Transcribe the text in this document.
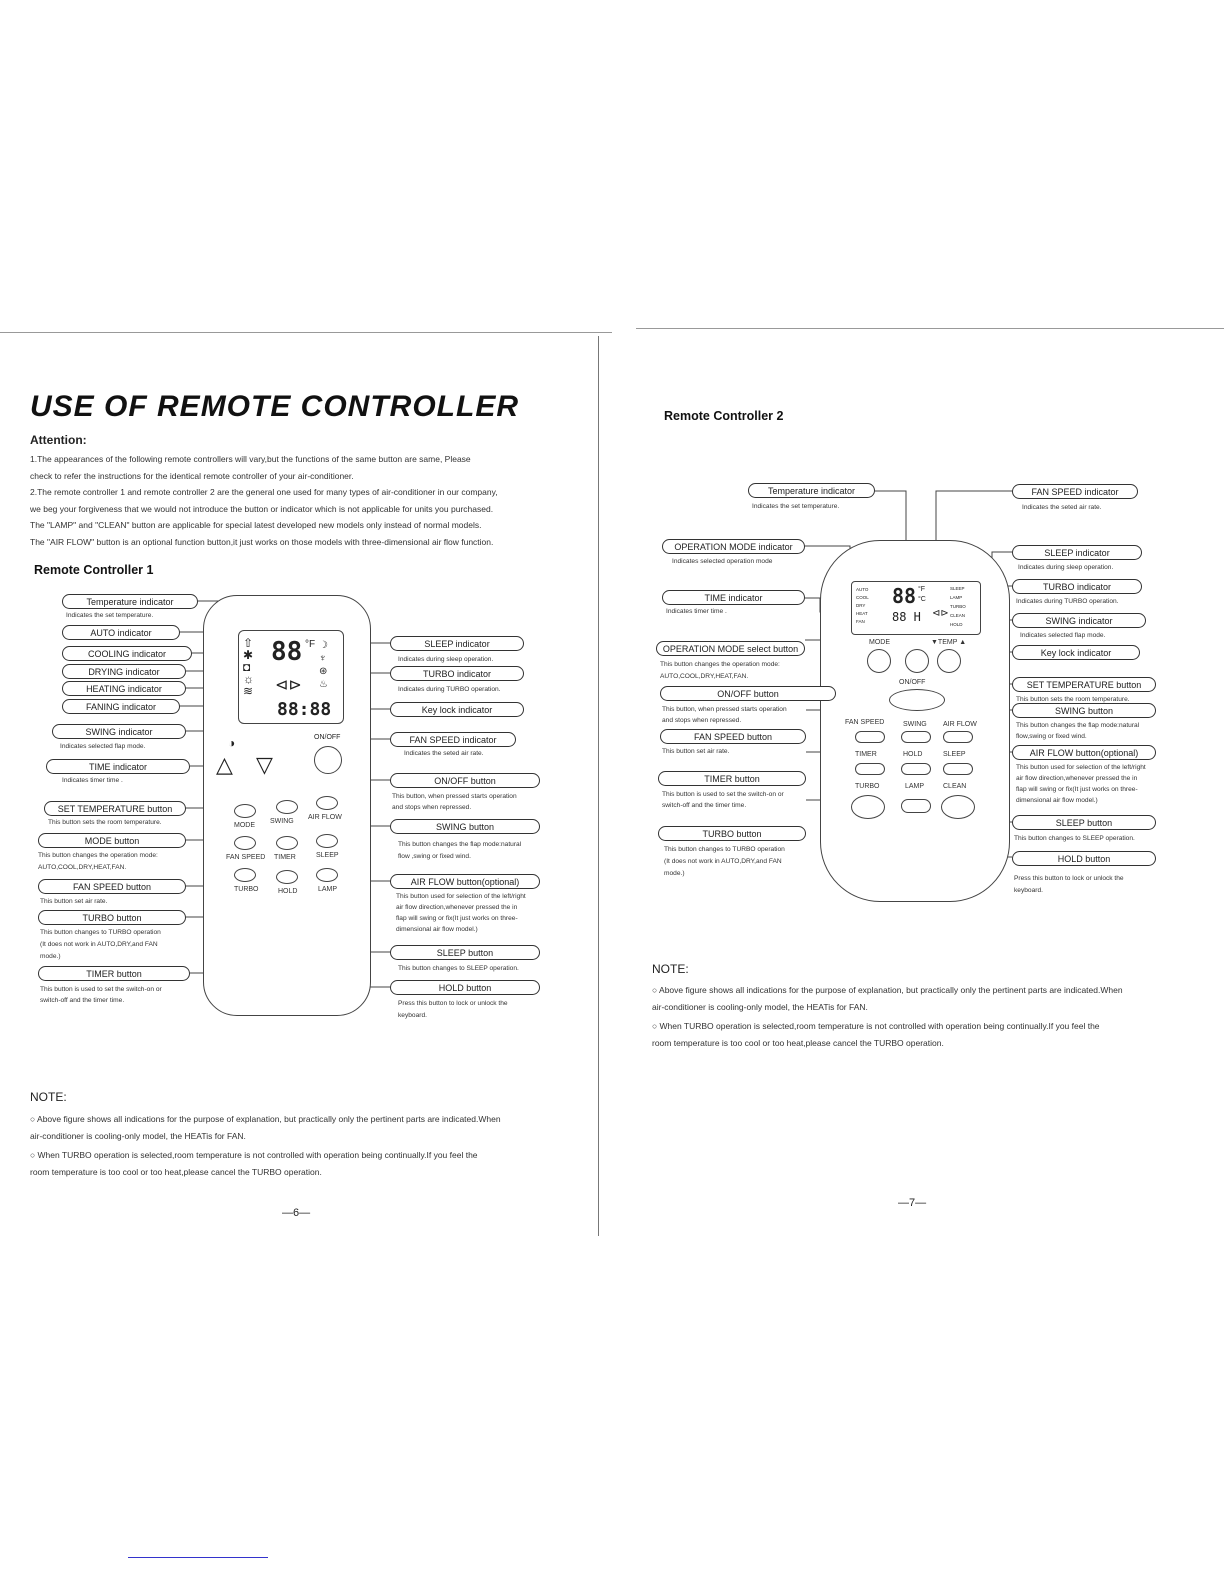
USE OF REMOTE CONTROLLER
Attention:

1.The appearances of the following remote controllers will vary,but the functions of the same button are same, Please

check to refer the instructions for the identical remote controller of your air-conditioner.

2.The remote controller 1 and remote controller 2 are the general one used for many types of air-conditioner in our company,

we beg your forgiveness that we would not introduce the button or indicator which is not applicable for units you purchased.

The "LAMP" and "CLEAN" button are applicable for special latest developed new models only instead of normal models.

The "AIR FLOW" button is an optional function button,it just works on those models with three-dimensional air flow function.

Remote Controller 1
88 °F
⇧
✱
◘
☼
≋
☽
♆
⊛
♨
⊲⊳
88:88
◑	ON/OFF
△ ▽
MODE
SWING
AIR FLOW
FAN SPEED TIMER	SLEEP
TURBO	HOLD	LAMP
Temperature indicator
Indicates the set temperature.
AUTO indicator
COOLING indicator
DRYING indicator
HEATING indicator
FANING indicator
SWING indicator
Indicates selected flap mode.
TIME indicator
Indicates timer time .
SET TEMPERATURE button
This button sets the room temperature.
MODE button
This button changes the operation mode:
AUTO,COOL,DRY,HEAT,FAN.
FAN SPEED button
This button set air rate.
TURBO button
This button changes to TURBO operation
(It does not work in AUTO,DRY,and FAN
mode.)
TIMER button
This button is used to set the switch-on or
switch-off and the timer time.
SLEEP indicator
Indicates during sleep operation.
TURBO indicator
Indicates during TURBO operation.
Key lock indicator
FAN SPEED indicator
Indicates the seted air rate.
ON/OFF button
This button, when pressed starts operation
and stops when repressed.
SWING button
This button changes the flap mode:natural
flow ,swing or fixed wind.
AIR FLOW button(optional)
This button used for selection of the left/right
air flow direction,whenever pressed the in
flap will swing or fix(It just works on three-
dimensional air flow model.)
SLEEP button
This button changes to SLEEP operation.
HOLD button
Press this button to lock or unlock the
keyboard.
NOTE:

○ Above figure shows all indications for the purpose of explanation, but practically only the pertinent parts are indicated.When
air-conditioner is cooling-only model, the HEATis for FAN.

○ When TURBO operation is selected,room temperature is not controlled with operation being continually.If you feel the
room temperature is too cool or too heat,please cancel the TURBO operation.

—6—
Remote Controller 2
AUTO
COOL
DRY
HEAT
FAN
88 °F
°C
88 H ⊲⊳
SLEEP
LAMP
TURBO
CLEAN
HOLD
MODE	▼TEMP ▲
ON/OFF
FAN SPEED	SWING AIR FLOW
TIMER	HOLD	SLEEP
TURBO	LAMP	CLEAN
Temperature indicator
Indicates the set temperature.
OPERATION MODE indicator
Indicates selected operation mode
TIME indicator
Indicates timer time .
OPERATION MODE select button
This button changes the operation mode:
AUTO,COOL,DRY,HEAT,FAN.
ON/OFF button
This button, when pressed starts operation
and stops when repressed.
FAN SPEED button
This button set air rate.
TIMER button
This button is used to set the switch-on or
switch-off and the timer time.
TURBO button
This button changes to TURBO operation
(It does not work in AUTO,DRY,and FAN
mode.)
FAN SPEED indicator
Indicates the seted air rate.
SLEEP indicator
Indicates during sleep operation.
TURBO indicator
Indicates during TURBO operation.
SWING indicator
Indicates selected flap mode.
Key lock indicator
SET TEMPERATURE button
This button sets the room temperature.
SWING button
This button changes the flap mode:natural
flow,swing or fixed wind.
AIR FLOW button(optional)
This button used for selection of the left/right
air flow direction,whenever pressed the in
flap will swing or fix(It just works on three-
dimensional air flow model.)
SLEEP button
This button changes to SLEEP operation.
HOLD button
Press this button to lock or unlock the
keyboard.
NOTE:

○ Above figure shows all indications for the purpose of explanation, but practically only the pertinent parts are indicated.When
air-conditioner is cooling-only model, the HEATis for FAN.

○ When TURBO operation is selected,room temperature is not controlled with operation being continually.If you feel the
room temperature is too cool or too heat,please cancel the TURBO operation.

—7—
